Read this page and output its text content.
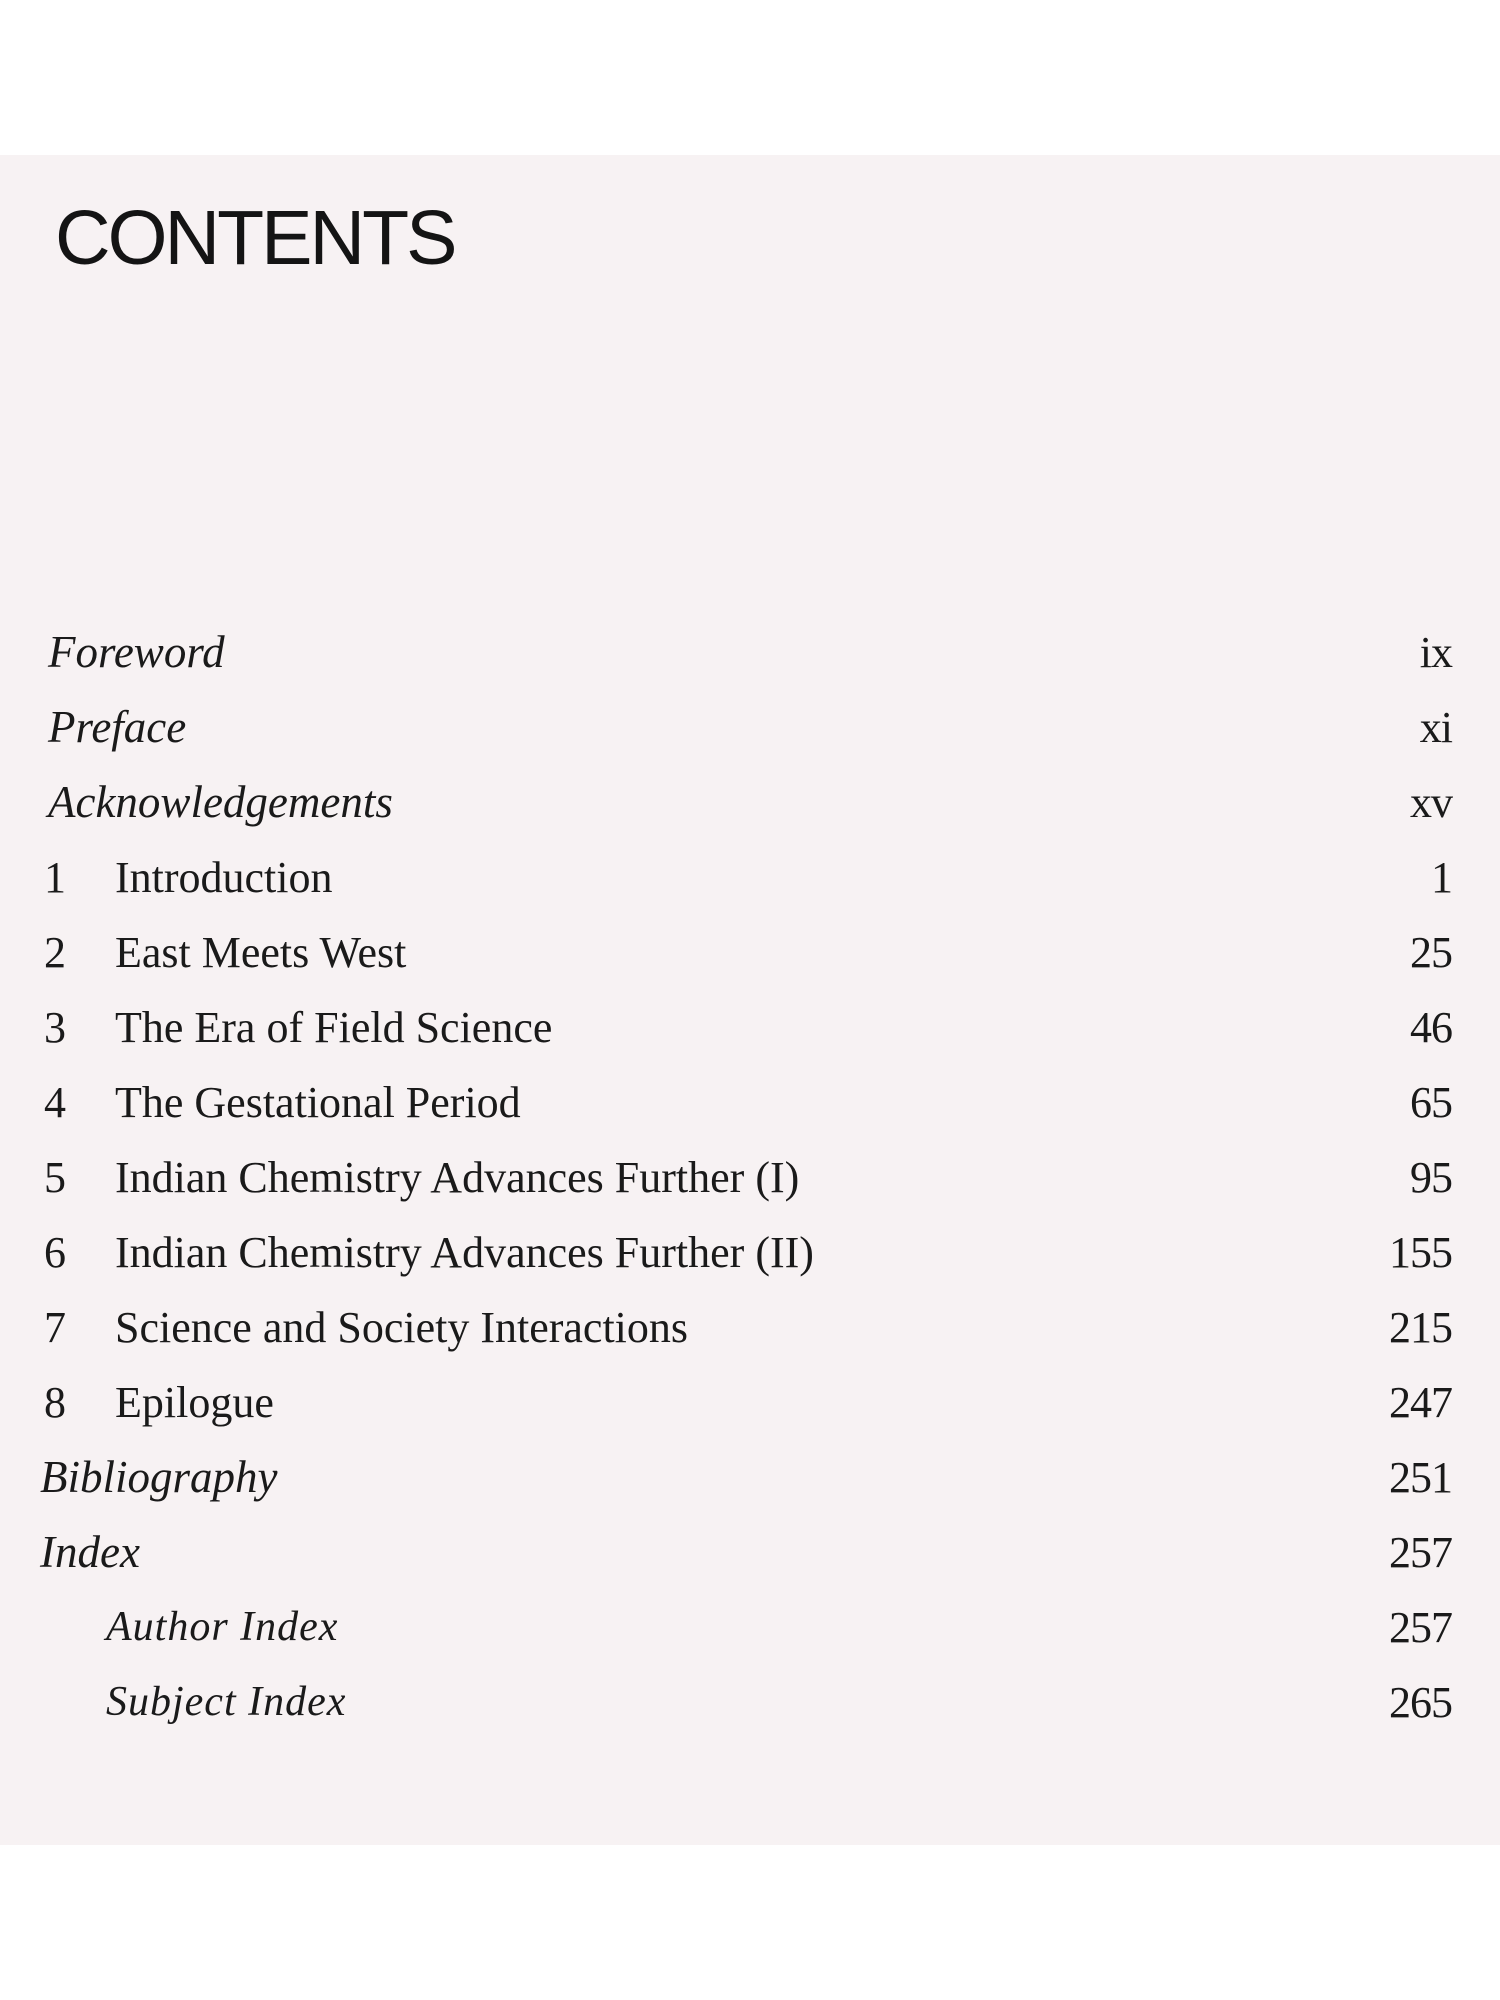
CONTENTS
Foreword	ix
Preface	xi
Acknowledgements	xv
1 Introduction	1
2 East Meets West	25
3 The Era of Field Science	46
4 The Gestational Period	65
5 Indian Chemistry Advances Further (I)	95
6 Indian Chemistry Advances Further (II)	155
7 Science and Society Interactions	215
8 Epilogue	247
Bibliography	251
Index	257
Author Index	257
Subject Index	265
